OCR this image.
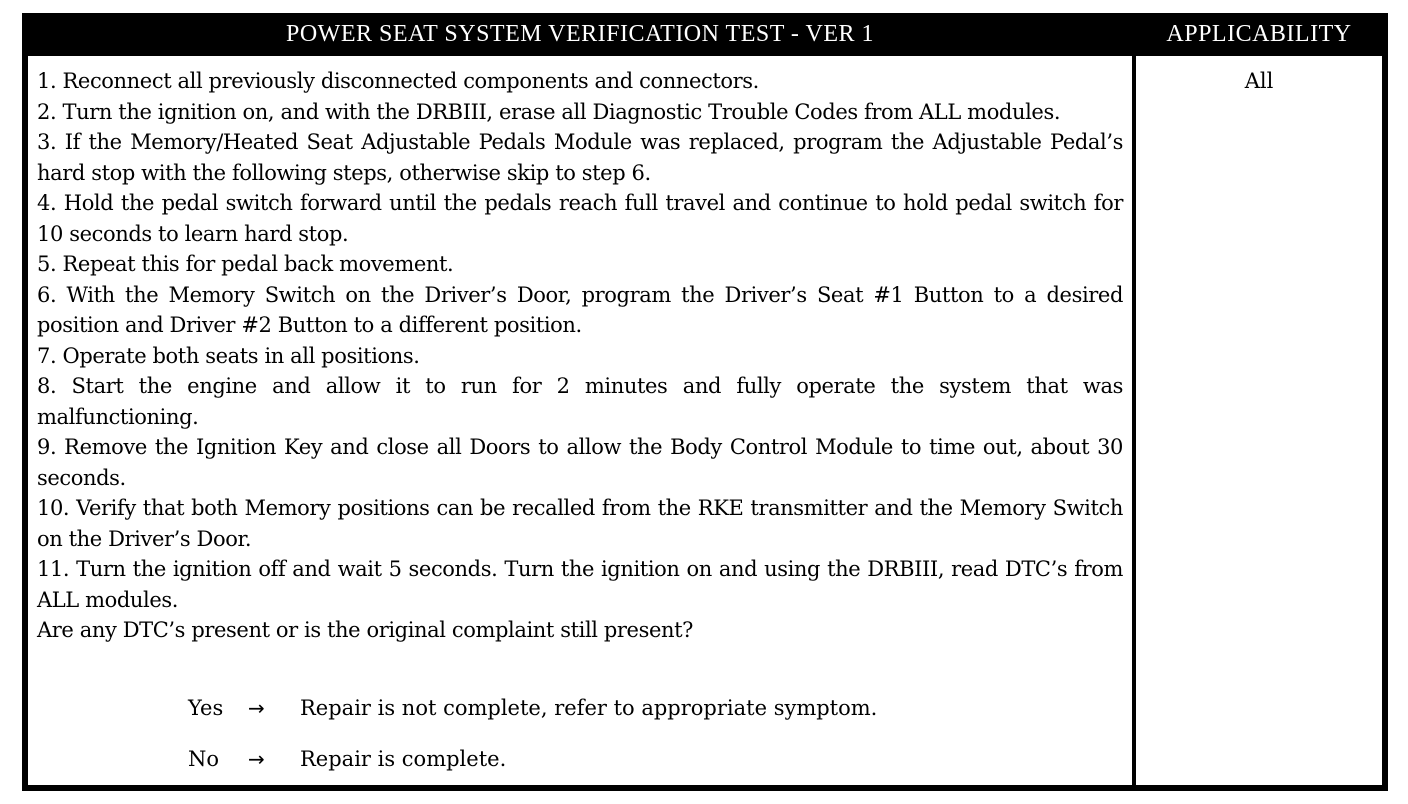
POWER SEAT SYSTEM VERIFICATION TEST - VER 1	APPLICABILITY
1. Reconnect all previously disconnected components and connectors.
2. Turn the ignition on, and with the DRBIII, erase all Diagnostic Trouble Codes from ALL modules.
3. If the Memory/Heated Seat Adjustable Pedals Module was replaced, program the Adjustable Pedal’s hard stop with the following steps, otherwise skip to step 6.
4. Hold the pedal switch forward until the pedals reach full travel and continue to hold pedal switch for 10 seconds to learn hard stop.
5. Repeat this for pedal back movement.
6. With the Memory Switch on the Driver’s Door, program the Driver’s Seat #1 Button to a desired position and Driver #2 Button to a different position.
7. Operate both seats in all positions.
8. Start the engine and allow it to run for 2 minutes and fully operate the system that was malfunctioning.
9. Remove the Ignition Key and close all Doors to allow the Body Control Module to time out, about 30 seconds.
10. Verify that both Memory positions can be recalled from the RKE transmitter and the Memory Switch on the Driver’s Door.
11. Turn the ignition off and wait 5 seconds. Turn the ignition on and using the DRBIII, read DTC’s from ALL modules.
Are any DTC’s present or is the original complaint still present?
All
Yes → Repair is not complete, refer to appropriate symptom.
No → Repair is complete.
